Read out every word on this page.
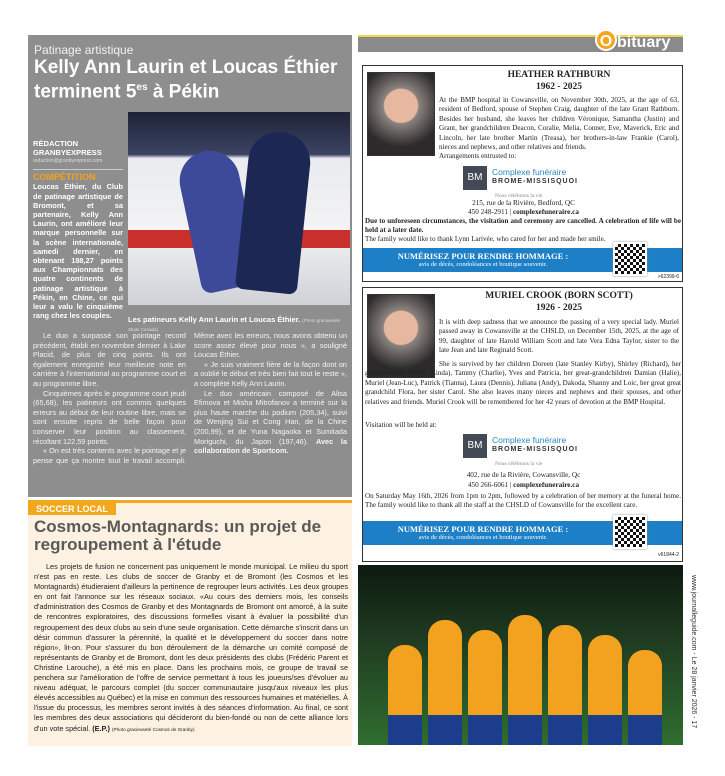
Patinage artistique
Kelly Ann Laurin et Loucas Éthier terminent $5^{es}$ à Pékin
RÉDACTION GRANBYEXPRESS
redaction@granbyexpress.com
COMPÉTITION
Loucas Éthier, du Club de patinage artistique de Bromont, et sa partenaire, Kelly Ann Laurin, ont amélioré leur marque personnelle sur la scène internationale, samedi dernier, en obtenant 188,27 points aux Championnats des quatre continents de patinage artistique à Pékin, en Chine, ce qui leur a valu le cinquième rang chez les couples.	Les patineurs Kelly Ann Laurin et Loucas Éthier. (Photo gracieuseté Skate Canada)

Le duo a surpassé son pointage record précédent, établi en novembre dernier à Lake Placid, de plus de cinq points. Ils ont également enregistré leur meilleure note en carrière à l'international au programme court et au programme libre.

Cinquièmes après le programme court jeudi (65,68), les patineurs ont commis quelques erreurs au début de leur routine libre, mais se sont ensuite repris de belle façon pour conserver leur position au classement, récoltant 122,59 points.

« On est très contents avec le pointage et je pense que ça montre tout le travail accompli. Même avec les erreurs, nous avons obtenu un score assez élevé pour nous », a souligné Loucas Éthier.

« Je suis vraiment fière de la façon dont on a oublié le début et très bien fait tout le reste », a complété Kelly Ann Laurin.

Le duo américain composé de Alisa Efimova et Misha Mitrofanov a terminé sur la plus haute marche du podium (205,34), suivi de Wenjing Sui et Cong Han, de la Chine (200,99), et de Yuna Nagaoka et Sumitada Moriguchi, du Japon (197,46). Avec la collaboration de Sportcom.

SOCCER LOCAL
Cosmos-Montagnards: un projet de regroupement à l'étude
Les projets de fusion ne concernent pas uniquement le monde municipal. Le milieu du sport n'est pas en reste. Les clubs de soccer de Granby et de Bromont (les Cosmos et les Montagnards) étudieraient d'ailleurs la pertinence de regrouper leurs activités. Les deux groupes en ont fait l'annonce sur les réseaux sociaux. «Au cours des derniers mois, les conseils d'administration des Cosmos de Granby et des Montagnards de Bromont ont amorcé, à la suite de rencontres exploratoires, des discussions formelles visant à évaluer la possibilité d'un regroupement des deux clubs au sein d'une seule organisation. Cette démarche s'inscrit dans un désir commun d'assurer la pérennité, la qualité et le développement du soccer dans notre région», lit-on. Pour s'assurer du bon déroulement de la démarche un comité composé de représentants de Granby et de Bromont, dont les deux présidents des clubs (Frédéric Parent et Christine Larouche), a été mis en place. Dans les prochains mois, ce groupe de travail se penchera sur l'amélioration de l'offre de service permettant à tous les joueurs/ses d'évoluer au niveau adéquat, le parcours complet (du soccer communautaire jusqu'aux niveaux les plus élevés accessibles au Québec) et la mise en commun des ressources humaines et matérielles. À l'issue du processus, les membres seront invités à des séances d'information. Au final, ce sont les membres des deux associations qui décideront du bien-fondé ou non de cette alliance lors d'un vote spécial. (E.P.) (Photo gracieuseté Cosmos de Granby)
O bituary
HEATHER RATHBURN
1962 - 2025
At the BMP hospital in Cowansville, on November 30th, 2025, at the age of 63, resident of Bedford, spouse of Stephen Craig, daughter of the late Grant Rathburn. Besides her husband, she leaves her children Véronique, Samantha (Justin) and Grant, her grandchildren Deacon, Coralie, Melia, Conner, Eve, Maverick, Eric and Lincoln, her late brother Martin (Treasa), her brothers-in-law Frankie (Carol), nieces and nephews, and other relatives and friends.
Arrangements entrusted to:
BM	Complexe funéraire
BROME-MISSISQUOI
Nous célébrons la vie
215, rue de la Rivière, Bedford, QC
450 248-2911 | complexefuneraire.ca
Due to unforeseen circumstances, the visitation and ceremony are cancelled. A celebration of life will be held at a later date.
The family would like to thank Lynn Larivée, who cared for her and made her smile.
NUMÉRISEZ POUR RENDRE HOMMAGE :
avis de décès, condoléances et boutique souvenir.
>62399-6
MURIEL CROOK (BORN SCOTT)
1926 - 2025
It is with deep sadness that we announce the passing of a very special lady. Muriel passed away in Cowansville at the CHSLD, on December 15th, 2025, at the age of 99, daughter of late Harold William Scott and late Vera Edna Taylor, sister to the late Jean and late Reginald Scott.
She is survived by her children Doreen (late Stanley Kirby), Shirley (Richard), her grandchildren Jeffrey (Linda), Tammy (Charlie), Yves and Patricia, her great-grandchildren Damian (Halie), Muriel (Jean-Luc), Patrick (Tianna), Laura (Dennis), Juliana (Andy), Dakoda, Shanny and Loic, her great great grandchild Flora, her sister Carol. She also leaves many nieces and nephews and their spouses, and other relatives and friends. Muriel Crook will be remembered for her 42 years of devotion at the BMP Hospital.
Visitation will be held at:
BM	Complexe funéraire
BROME-MISSISQUOI
Nous célébrons la vie
402, rue de la Rivière, Cowansville, Qc
450 266-6061 | complexefuneraire.ca
On Saturday May 16th, 2026 from 1pm to 2pm, followed by a celebration of her memory at the funeral home. The family would like to thank all the staff at the CHSLD of Cowansville for the excellent care.
NUMÉRISEZ POUR RENDRE HOMMAGE :
avis de décès, condoléances et boutique souvenir.
v61844-2
www.journalleguide.com - Le 28 janvier 2026 - 17
